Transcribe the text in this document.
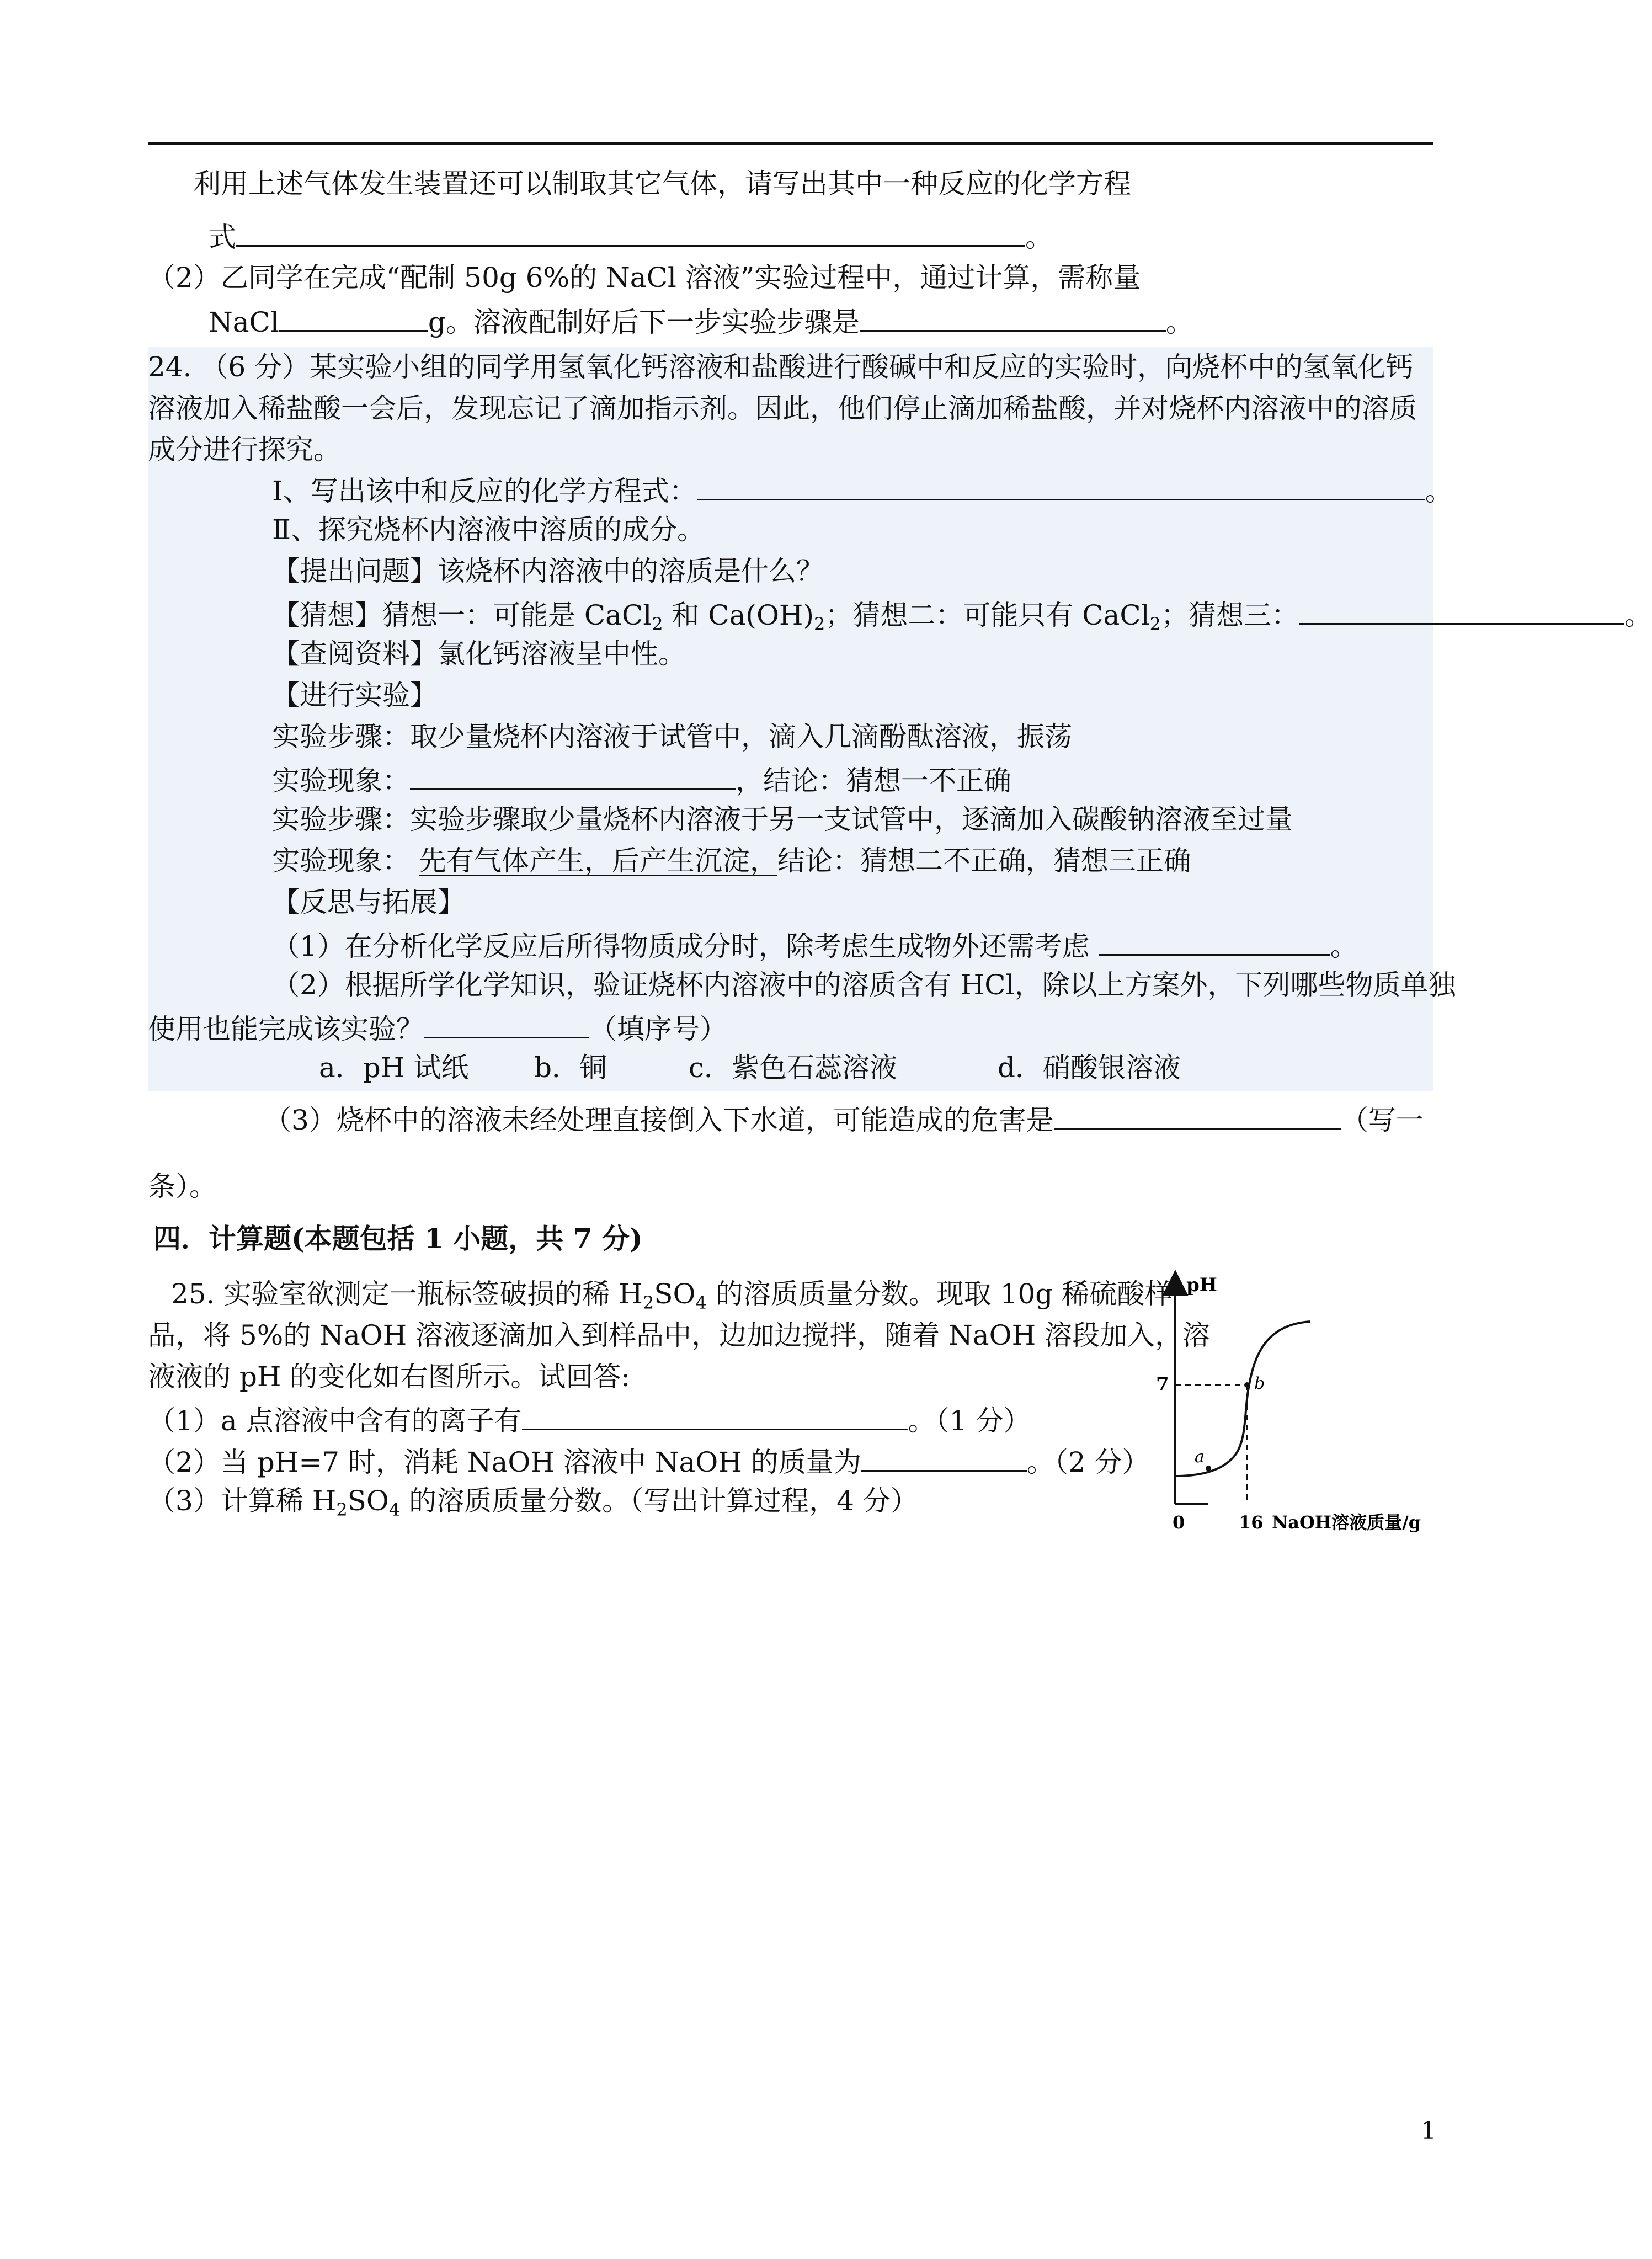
利用上述气体发生装置还可以制取其它气体，请写出其中一种反应的化学方程
式	。
（2）乙同学在完成“配制 50g 6%的 NaCl 溶液”实验过程中，通过计算，需称量
NaCl	g。溶液配制好后下一步实验步骤是	。
24. （6 分）某实验小组的同学用氢氧化钙溶液和盐酸进行酸碱中和反应的实验时，向烧杯中的氢氧化钙
溶液加入稀盐酸一会后，发现忘记了滴加指示剂。因此，他们停止滴加稀盐酸，并对烧杯内溶液中的溶质
成分进行探究。
Ⅰ、写出该中和反应的化学方程式：	。
Ⅱ、探究烧杯内溶液中溶质的成分。
【提出问题】该烧杯内溶液中的溶质是什么？
【猜想】猜想一：可能是 CaCl$_2$ 和 $Ca(OH)_2$；猜想二：可能只有 CaCl$_2$；猜想三：	。
【查阅资料】氯化钙溶液呈中性。
【进行实验】
实验步骤：取少量烧杯内溶液于试管中，滴入几滴酚酞溶液，振荡
实验现象：	，结论：猜想一不正确
实验步骤：实验步骤取少量烧杯内溶液于另一支试管中，逐滴加入碳酸钠溶液至过量
实验现象： 先有气体产生，后产生沉淀，结论：猜想二不正确，猜想三正确
【反思与拓展】
（1）在分析化学反应后所得物质成分时，除考虑生成物外还需考虑	。
（2）根据所学化学知识，验证烧杯内溶液中的溶质含有 HCl，除以上方案外，下列哪些物质单独
使用也能完成该实验？	（填序号）
a．pH 试纸 b．铜	c．紫色石蕊溶液	d．硝酸银溶液
（3）烧杯中的溶液未经处理直接倒入下水道，可能造成的危害是	（写一
条）。
四．计算题(本题包括 1 小题，共 7 分)
25. 实验室欲测定一瓶标签破损的稀 $H_2SO_4$ 的溶质质量分数。现取 10g 稀硫酸样
品，将 5%的 NaOH 溶液逐滴加入到样品中，边加边搅拌，随着 NaOH 溶段加入，溶
液液的 pH 的变化如右图所示。试回答:
（1）a 点溶液中含有的离子有	。（1 分）
（2）当 pH=7 时，消耗 NaOH 溶液中 NaOH 的质量为	。（2 分）
（3）计算稀 $H_2SO_4$ 的溶质质量分数。（写出计算过程，4 分）
pH
0	16 NaOH溶液质量/g
7
a
b
1
